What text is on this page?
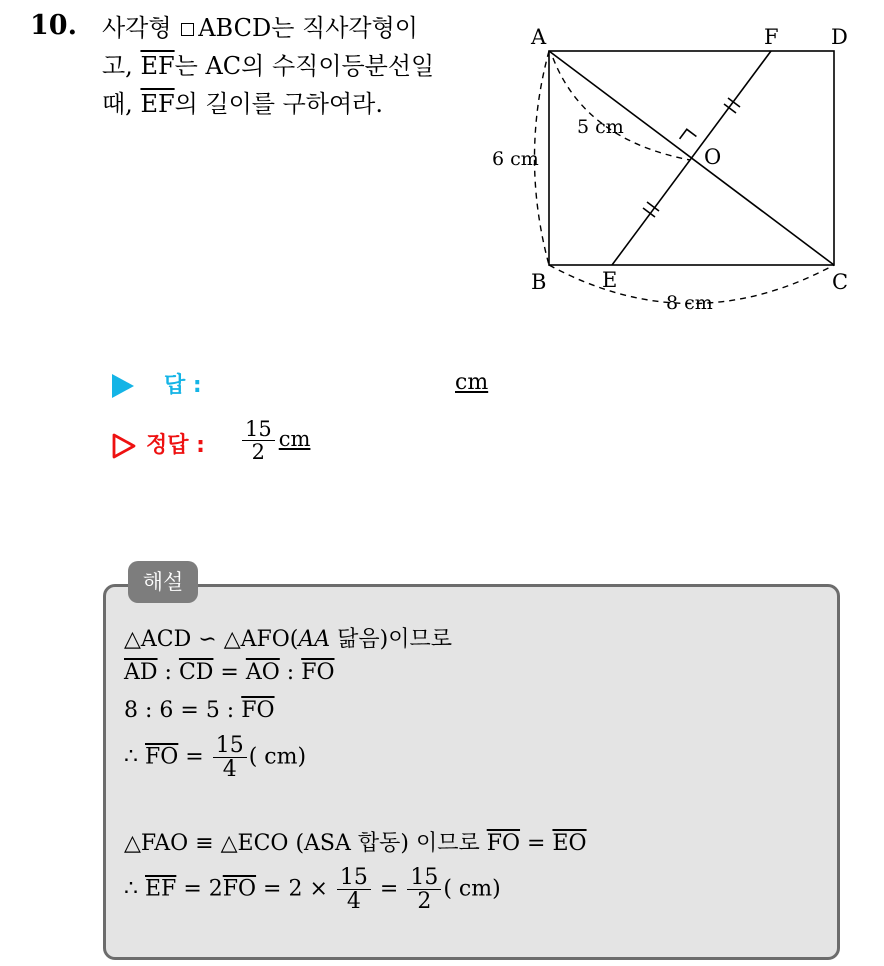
10. 사각형 ABCD는 직사각형이
고, $\overline{EF}$는 AC의 수직이등분선일
때, $\overline{EF}$의 길이를 구하여라.
A	F D
O
B	E	C
5 cm
6 cm
8 cm
답 :	cm
정답 : $\frac{15}{2}$ cm
해설
△ACD ∽ △AFO(AA 닮음)이므로
$\overline{AD}$ : $\overline{CD} = \overline{AO}$ : $\overline{FO}$
8 : 6 = 5 : $\overline{FO}$
∴ $\overline{FO} = \frac{15}{4}$ ( cm)
△FAO ≡ △ECO (ASA 합동) 이므로 $\overline{FO} = \overline{EO}$
∴ $\overline{EF} = 2\overline{FO} = 2 \times \frac{15}{4} = \frac{15}{2}$ ( cm)
